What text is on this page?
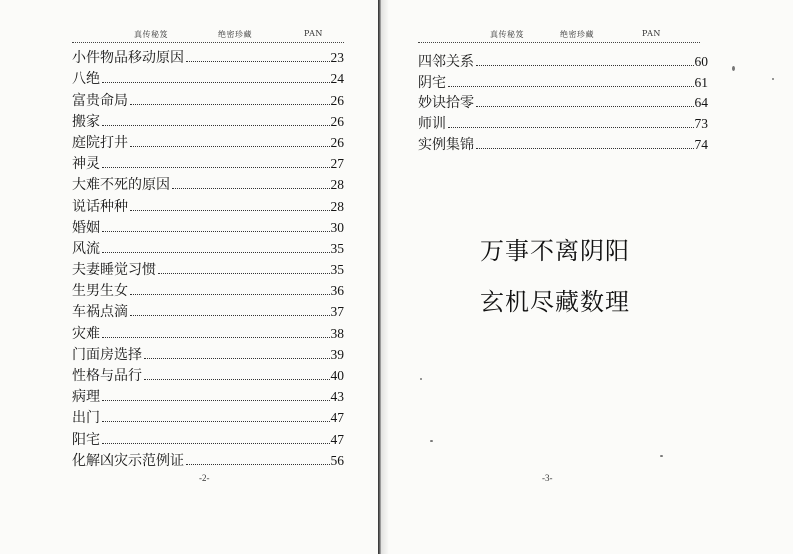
真传秘笈	绝密珍藏	PAN
小件物品移动原因	23
八绝	24
富贵命局	26
搬家	26
庭院打井	26
神灵	27
大难不死的原因	28
说话种种	28
婚姻	30
风流	35
夫妻睡觉习惯	35
生男生女	36
车祸点滴	37
灾难	38
门面房选择	39
性格与品行	40
病理	43
出门	47
阳宅	47
化解凶灾示范例证	56
-2-
真传秘笈	绝密珍藏	PAN
四邻关系	60
阴宅	61
妙诀拾零	64
师训	73
实例集锦	74
万事不离阴阳
玄机尽藏数理
-3-
